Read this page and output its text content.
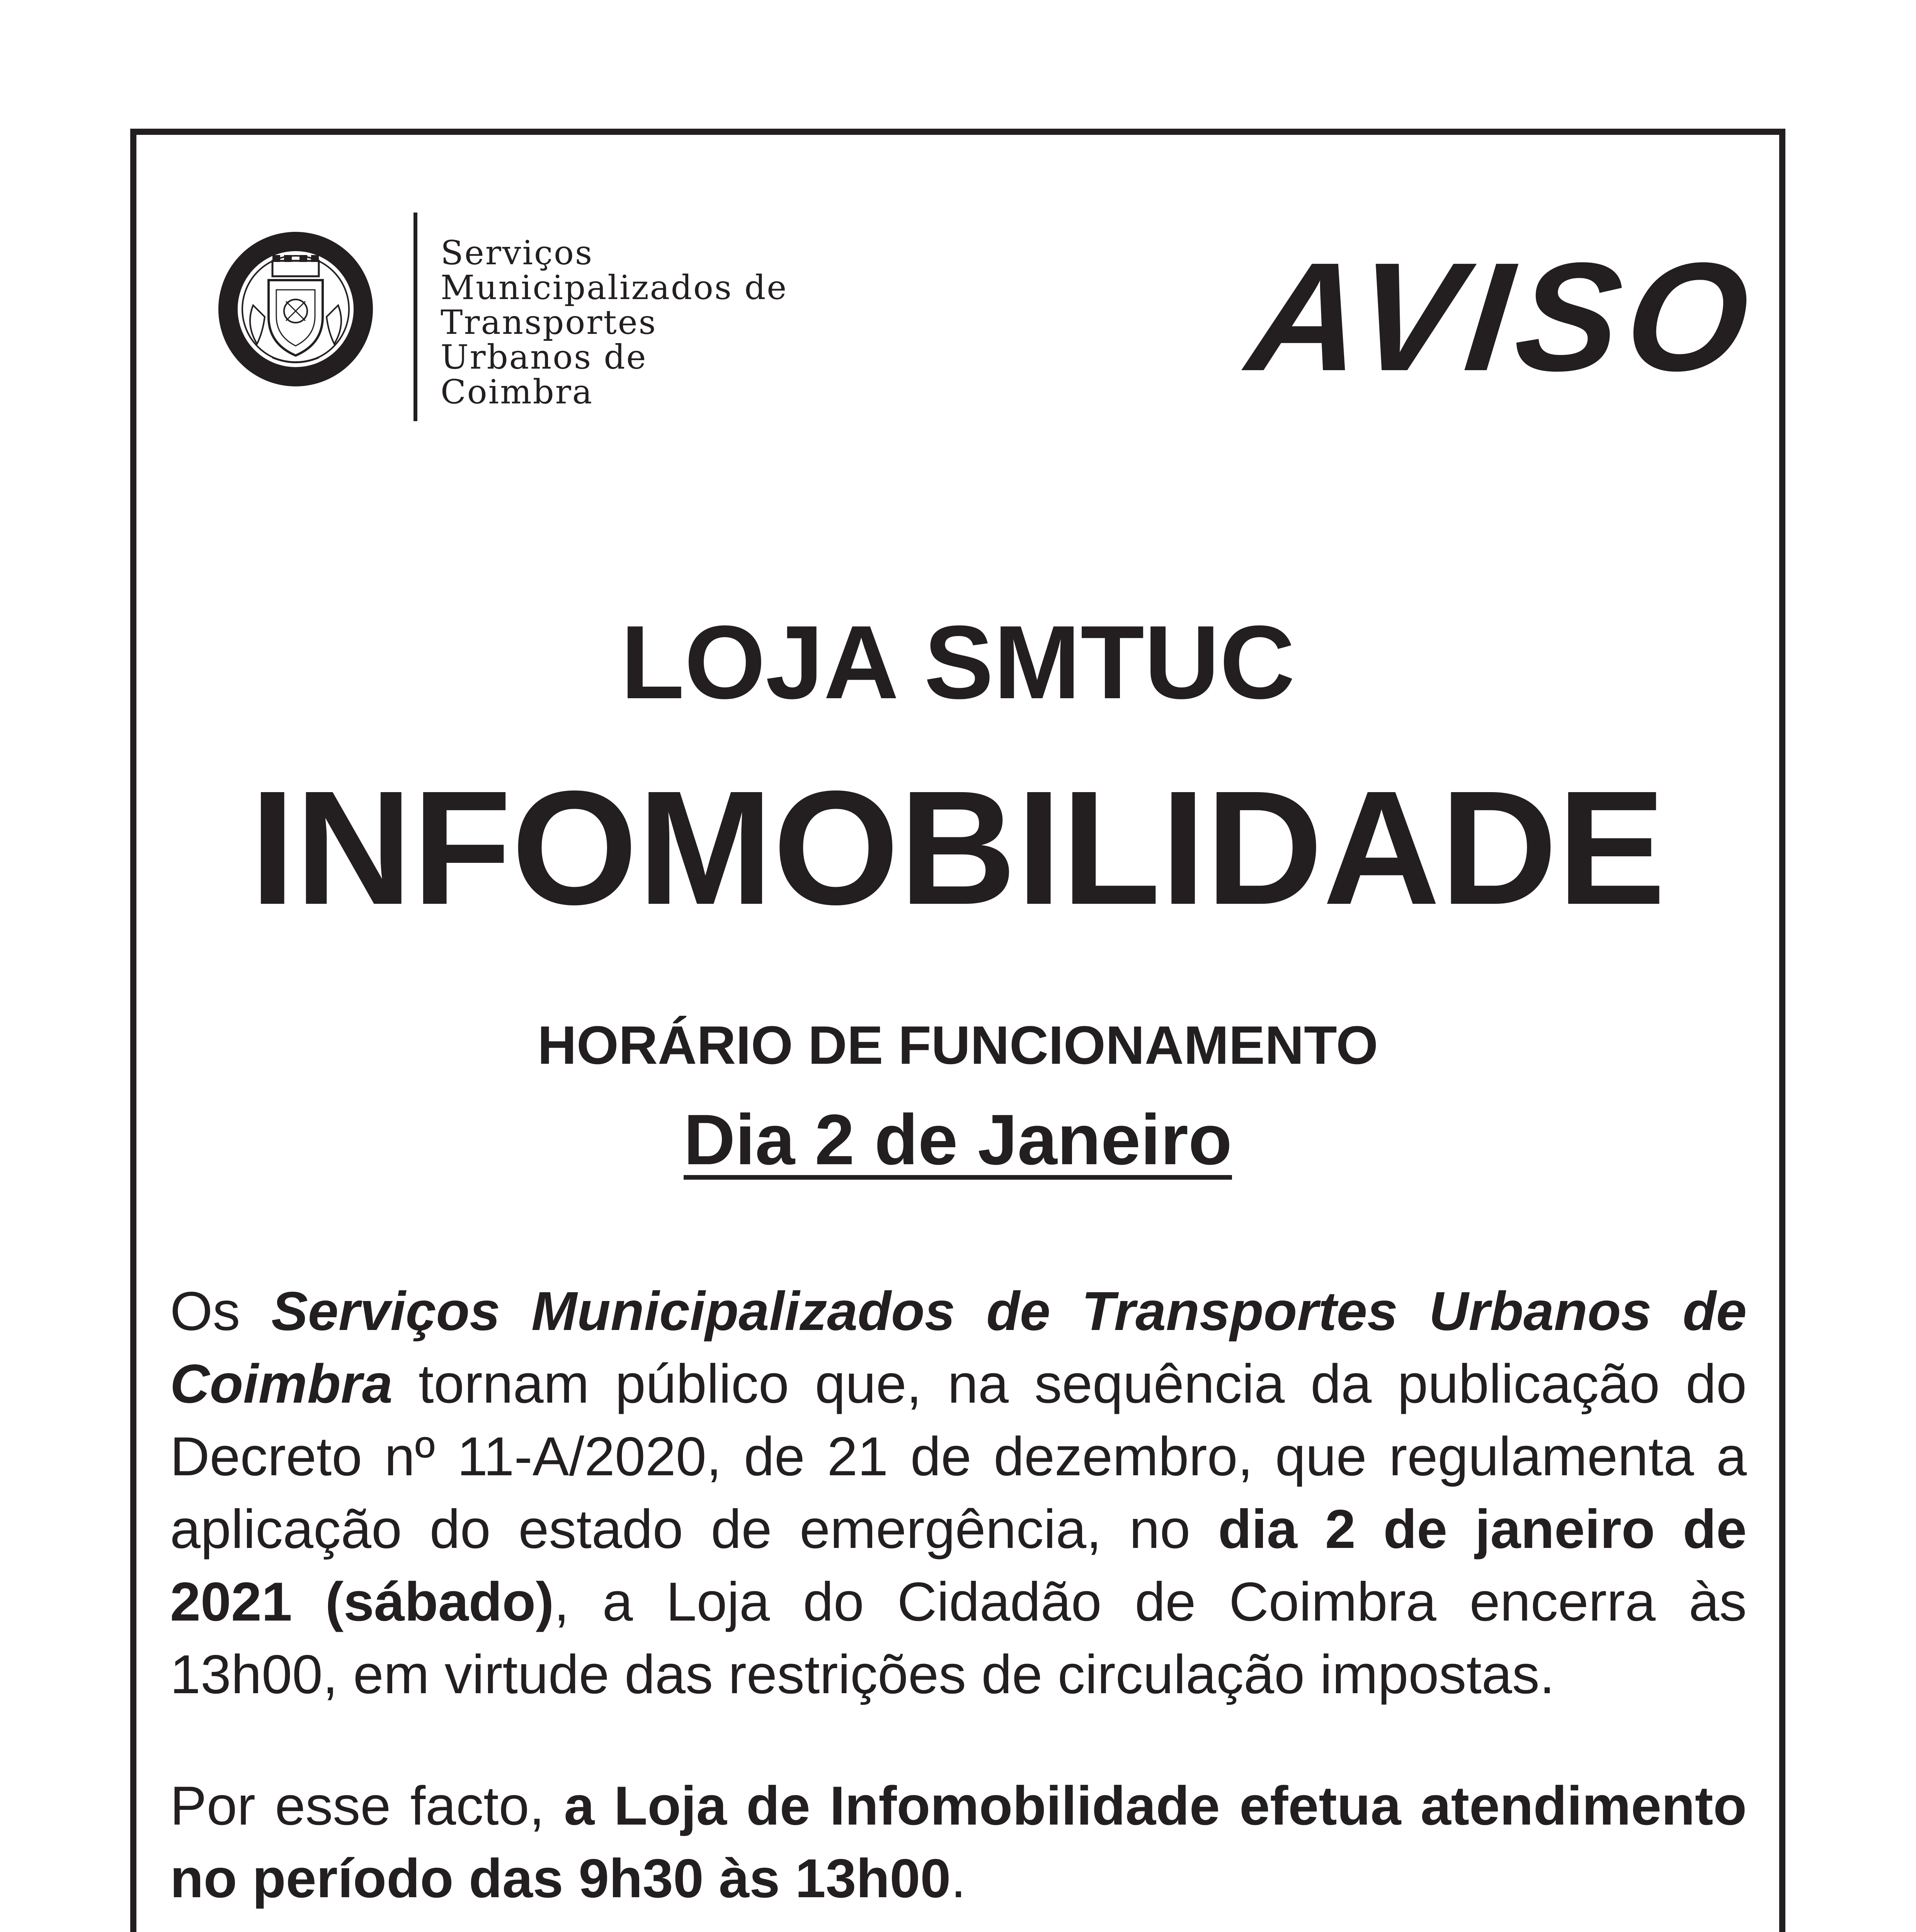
Serviços
Municipalizados de
Transportes
Urbanos de
Coimbra	AVISO
LOJA SMTUC
INFOMOBILIDADE
HORÁRIO DE FUNCIONAMENTO
Dia 2 de Janeiro
Os Serviços Municipalizados de Transportes Urbanos de Coimbra tornam público que, na sequência da publicação do Decreto nº 11-A/2020, de 21 de dezembro, que regulamenta a aplicação do estado de emergência, no dia 2 de janeiro de 2021 (sábado), a Loja do Cidadão de Coimbra encerra às 13h00, em virtude das restrições de circulação impostas.
Por esse facto, a Loja de Infomobilidade efetua atendimento no período das 9h30 às 13h00.
